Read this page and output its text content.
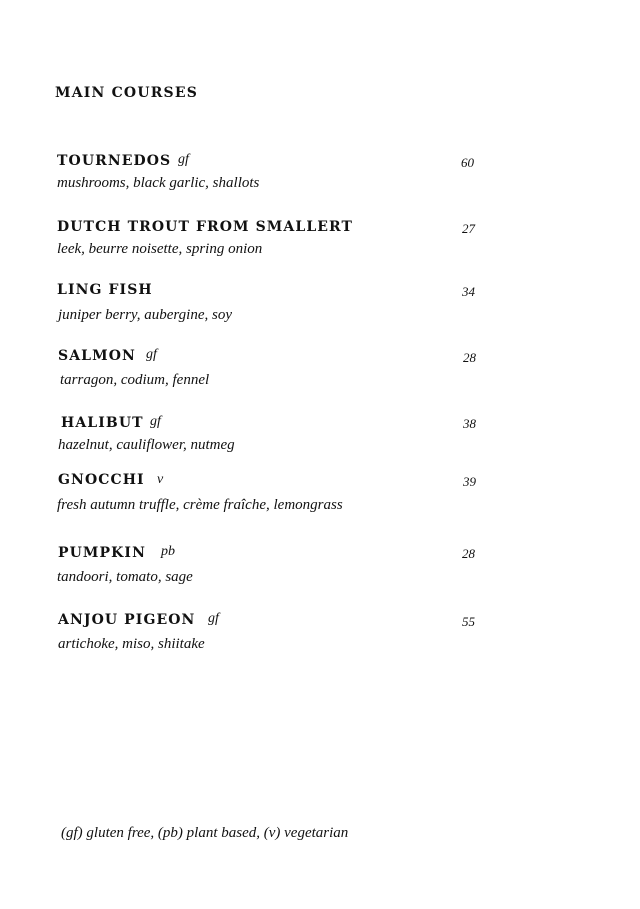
MAIN COURSES
TOURNEDOS gf	60
mushrooms, black garlic, shallots
DUTCH TROUT FROM SMALLERT	27
leek, beurre noisette, spring onion
LING FISH	34
juniper berry, aubergine, soy
SALMON gf	28
tarragon, codium, fennel
HALIBUT gf	38
hazelnut, cauliflower, nutmeg
GNOCCHI v	39
fresh autumn truffle, crème fraîche, lemongrass
PUMPKIN pb	28
tandoori, tomato, sage
ANJOU PIGEON gf	55
artichoke, miso, shiitake
(gf) gluten free, (pb) plant based, (v) vegetarian
